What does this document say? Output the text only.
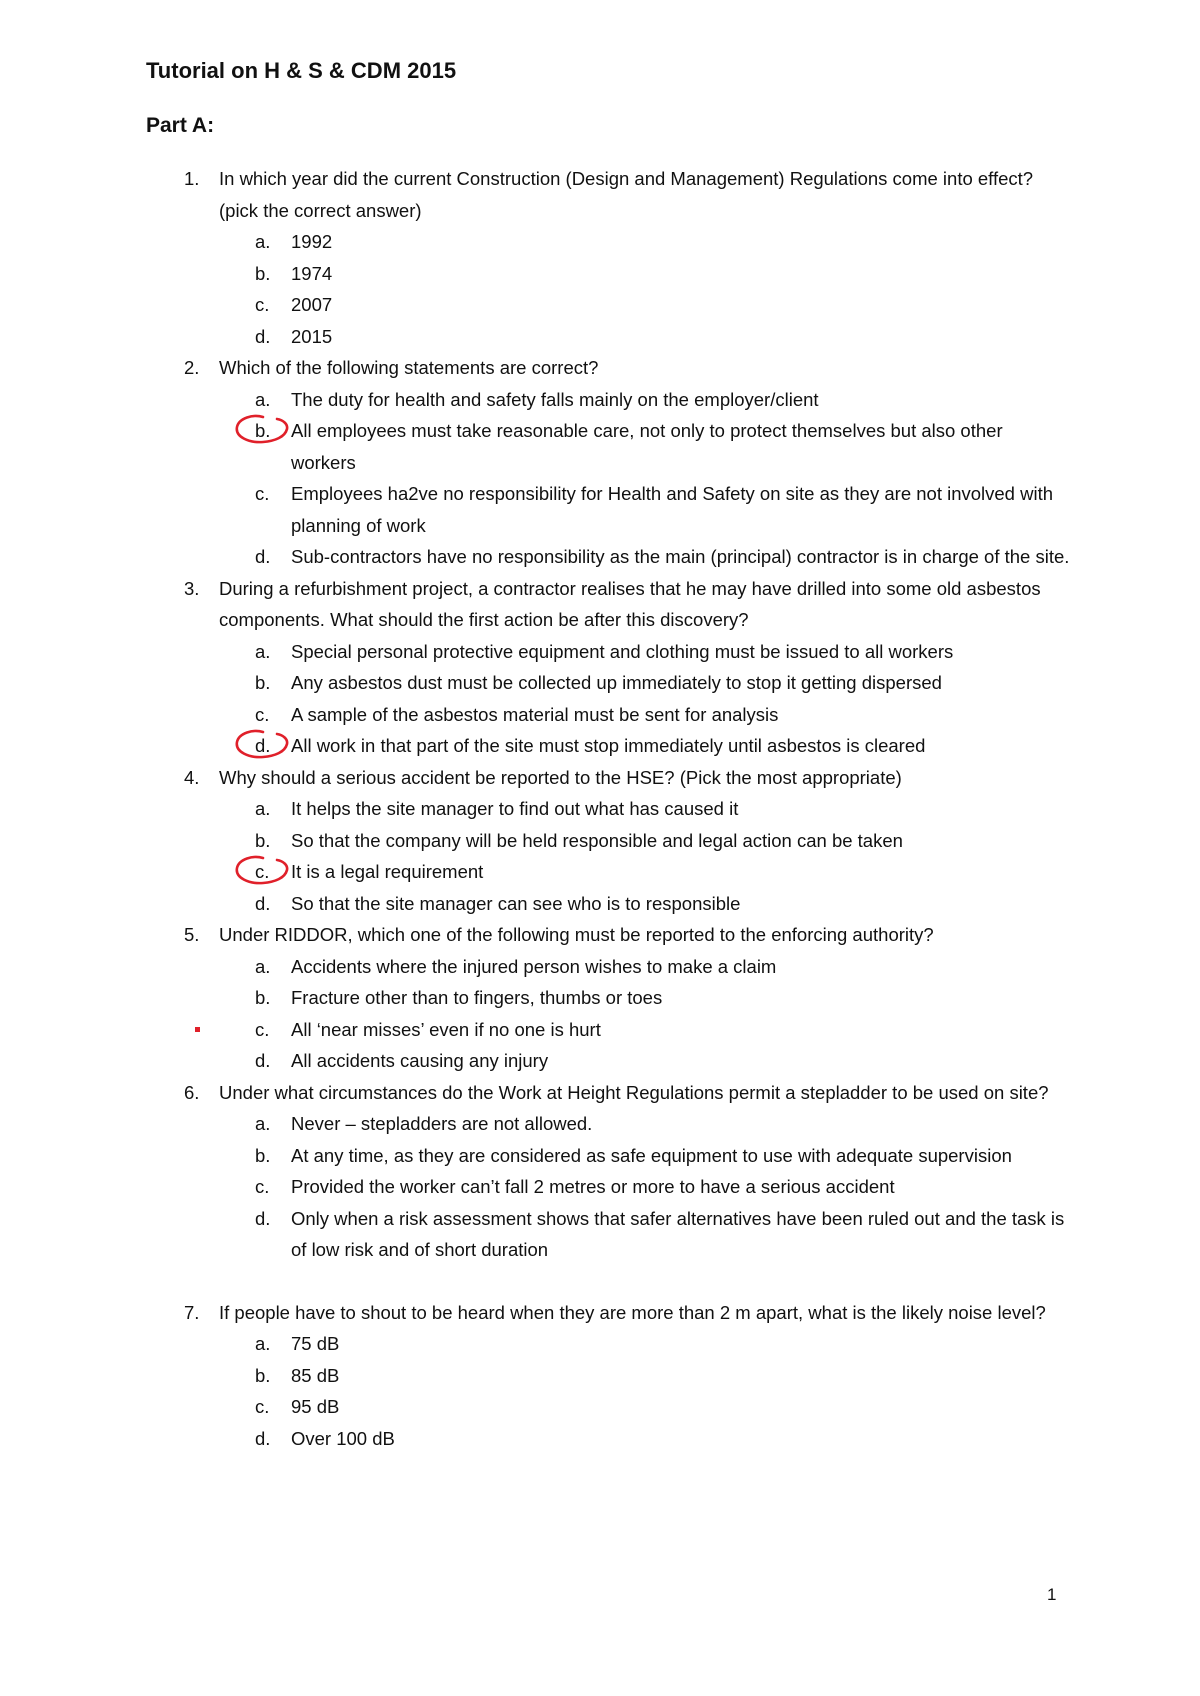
Tutorial on H & S & CDM 2015
Part A:
1. In which year did the current Construction (Design and Management) Regulations come into effect? (pick the correct answer)
a. 1992
b. 1974
c. 2007
d. 2015
2. Which of the following statements are correct?
a. The duty for health and safety falls mainly on the employer/client
b. All employees must take reasonable care, not only to protect themselves but also other workers
c. Employees ha2ve no responsibility for Health and Safety on site as they are not involved with planning of work
d. Sub-contractors have no responsibility as the main (principal) contractor is in charge of the site.
3. During a refurbishment project, a contractor realises that he may have drilled into some old asbestos components. What should the first action be after this discovery?
a. Special personal protective equipment and clothing must be issued to all workers
b. Any asbestos dust must be collected up immediately to stop it getting dispersed
c. A sample of the asbestos material must be sent for analysis
d. All work in that part of the site must stop immediately until asbestos is cleared
4. Why should a serious accident be reported to the HSE? (Pick the most appropriate)
a. It helps the site manager to find out what has caused it
b. So that the company will be held responsible and legal action can be taken
c. It is a legal requirement
d. So that the site manager can see who is to responsible
5. Under RIDDOR, which one of the following must be reported to the enforcing authority?
a. Accidents where the injured person wishes to make a claim
b. Fracture other than to fingers, thumbs or toes
c. All ‘near misses’ even if no one is hurt
d. All accidents causing any injury
6. Under what circumstances do the Work at Height Regulations permit a stepladder to be used on site?
a. Never – stepladders are not allowed.
b. At any time, as they are considered as safe equipment to use with adequate supervision
c. Provided the worker can’t fall 2 metres or more to have a serious accident
d. Only when a risk assessment shows that safer alternatives have been ruled out and the task is of low risk and of short duration
7. If people have to shout to be heard when they are more than 2 m apart, what is the likely noise level?
a. 75 dB
b. 85 dB
c. 95 dB
d. Over 100 dB
1
